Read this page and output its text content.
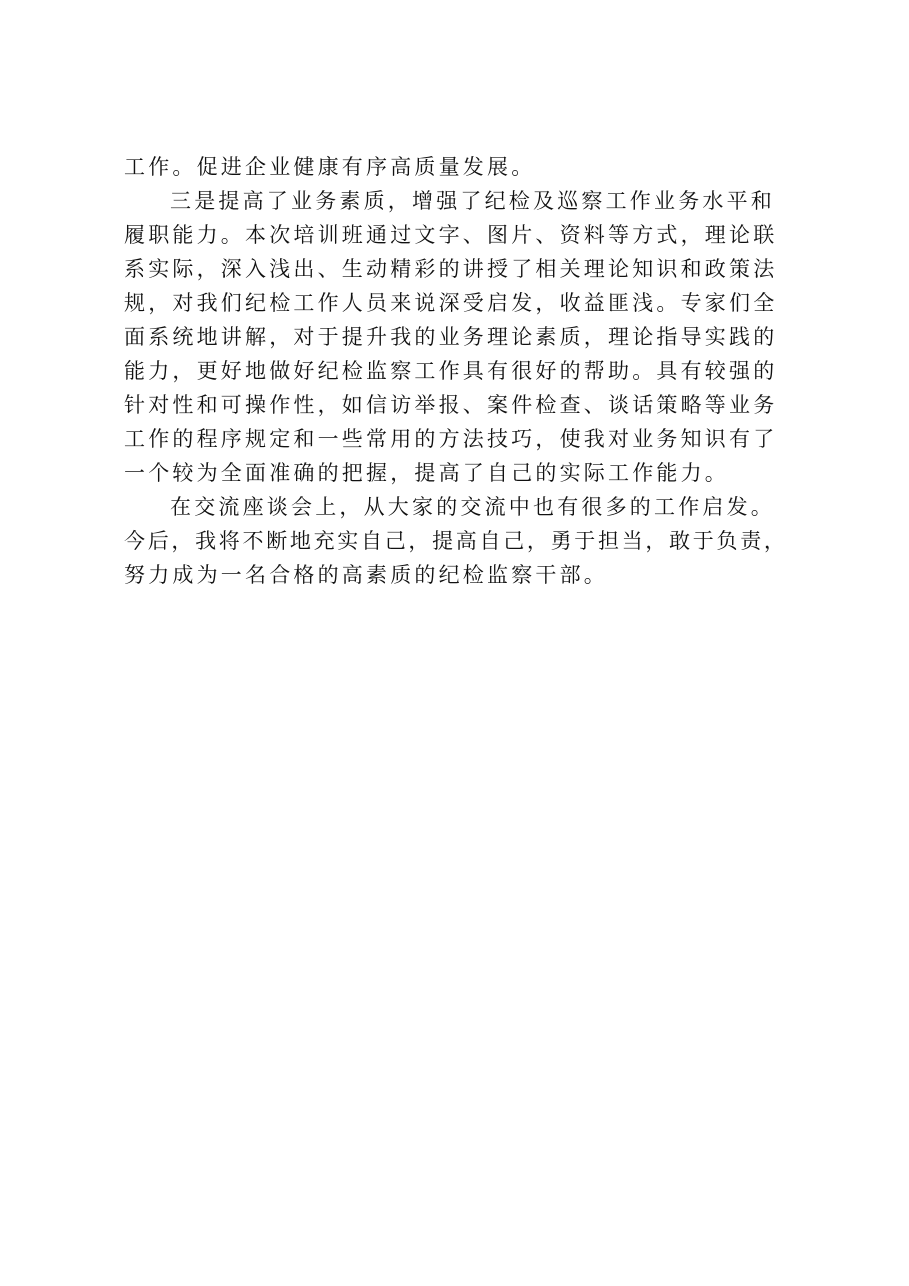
工作。促进企业健康有序高质量发展。
三是提高了业务素质，增强了纪检及巡察工作业务水平和
履职能力。本次培训班通过文字、图片、资料等方式，理论联
系实际，深入浅出、生动精彩的讲授了相关理论知识和政策法
规，对我们纪检工作人员来说深受启发，收益匪浅。专家们全
面系统地讲解，对于提升我的业务理论素质，理论指导实践的
能力，更好地做好纪检监察工作具有很好的帮助。具有较强的
针对性和可操作性，如信访举报、案件检查、谈话策略等业务
工作的程序规定和一些常用的方法技巧，使我对业务知识有了
一个较为全面准确的把握，提高了自己的实际工作能力。
在交流座谈会上，从大家的交流中也有很多的工作启发。
今后，我将不断地充实自己，提高自己，勇于担当，敢于负责，
努力成为一名合格的高素质的纪检监察干部。
